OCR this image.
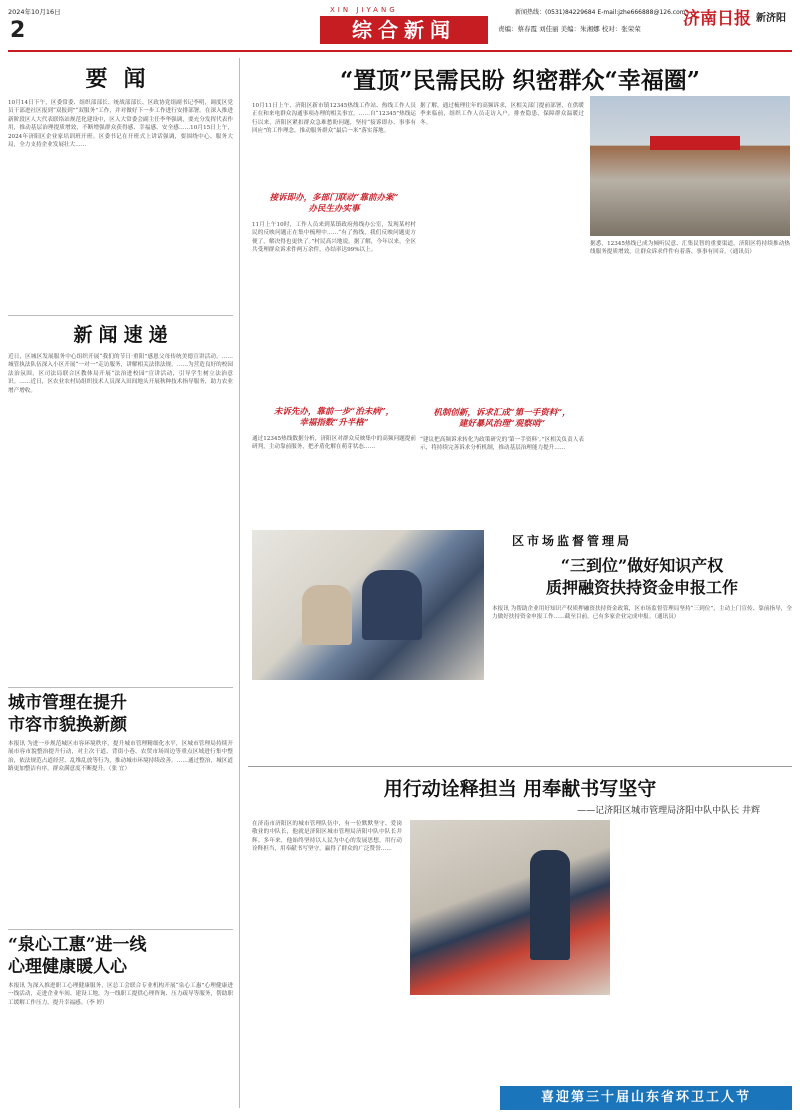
2024年10月16日
2
XIN JIYANG
综合新闻
新闻热线：(0531)84229684 E-mail:jzhe666888@126.com
责编：蔡春霞 刘佳丽 美编：朱湘娜 校对：张荣荣 济南日报 新济阳
要闻
10月14日下午，区委常委、组织部部长、统战部部长、区政协党组副书记李明，调度区党员干部进社区报到“双报到”“双服务”工作，并对做好下一步工作进行安排部署。在深入推进新阶段区人大代表联络站规范化建设中，区人大常委会副主任李华强调，要充分发挥代表作用，推动基层治理提质增效，不断增强群众获得感、幸福感、安全感……10月15日上午，2024年济阳区企业家培训班开班。区委书记在开班式上讲话强调，要围绕中心、服务大局，全力支持企业发展壮大……
新闻速递
近日，区城区发展服务中心组织开展“我们的节日·重阳”感恩父母传统美德宣讲活动。……城管执法队伍深入小区开展“一对一”走访服务，讲解相关法律法规。……为营造良好的校园法治氛围，区司法局联合区教体局开展“法治进校园”宣讲活动，引导学生树立法治意识。……近日，区农业农村局组织技术人员深入田间地头开展秋种技术指导服务，助力农业增产增收。
城市管理在提升
市容市貌换新颜
本报讯 为进一步规范城区市容环境秩序，提升城市管理精细化水平，区城市管理局持续开展市容市貌整治提升行动，对主次干道、背街小巷、农贸市场周边等重点区域进行集中整治，依法规范占道经营、乱堆乱放等行为，推动城市环境持续改善。……通过整治，城区道路更加整洁有序，群众满意度不断提升。（张 宜）
“泉心工惠”进一线
心理健康暖人心
本报讯 为深入推进职工心理健康服务，区总工会联合专业机构开展“泉心工惠”心理健康进一线活动，走进企业车间、建设工地，为一线职工提供心理咨询、压力疏导等服务，帮助职工缓解工作压力，提升幸福感。（李 婷）
“置顶”民需民盼 织密群众“幸福圈”
10月11日上午，济阳区新市镇12345热线工作站、热线工作人员正在和来电群众沟通事项办理的相关事宜。……自“12345”热线运行以来，济阳区紧扣群众急难愁盼问题，坚持“接诉即办、事事有回应”的工作理念，推动服务群众“最后一米”落实落地。
接诉即办，多部门联动“靠前办案”
办民生办实事
11月上午10时，工作人员来到某镇政府热线办公室，发现某村村民的反映问题正在集中梳理中……“有了热线，我们反映问题更方便了，解决得也更快了。”村民高兴地说。据了解，今年以来，全区共受理群众诉求件两万余件，办结率达99%以上。
未诉先办，靠前一步“治未病”，
幸福指数“升半格”
通过12345热线数据分析，济阳区对群众反映集中的高频问题提前研判，主动靠前服务，把矛盾化解在萌芽状态……
据了解，通过梳理往年的高频诉求，区相关部门提前部署，在供暖季来临前，组织工作人员走访入户，排查隐患，保障群众温暖过冬。
机制创新，诉求汇成“第一手资料”，
建好暴风治理“观察哨”
“建议把高频诉求转化为政策研究的‘第一手资料’。”区相关负责人表示，将持续完善诉求分析机制，推动基层治理能力提升……
据悉，12345热线已成为倾听民意、汇集民智的重要渠道，济阳区将持续推动热线服务提质增效，让群众诉求件件有着落、事事有回音。（通讯员）
区市场监督管理局
“三到位”做好知识产权
质押融资扶持资金申报工作
本报讯 为帮助企业用好知识产权质押融资扶持资金政策，区市场监督管理局坚持“三到位”，主动上门宣传、靠前指导，全力做好扶持资金申报工作……截至目前，已有多家企业完成申报。（通讯员）
用行动诠释担当 用奉献书写坚守
——记济阳区城市管理局济阳中队中队长 井辉
在济南市济阳区的城市管理队伍中，有一位默默坚守、爱岗敬业的中队长，他就是济阳区城市管理局济阳中队中队长井辉。多年来，他始终坚持以人民为中心的发展思想，用行动诠释担当，用奉献书写坚守，赢得了群众的广泛赞誉……
喜迎第三十届山东省环卫工人节
